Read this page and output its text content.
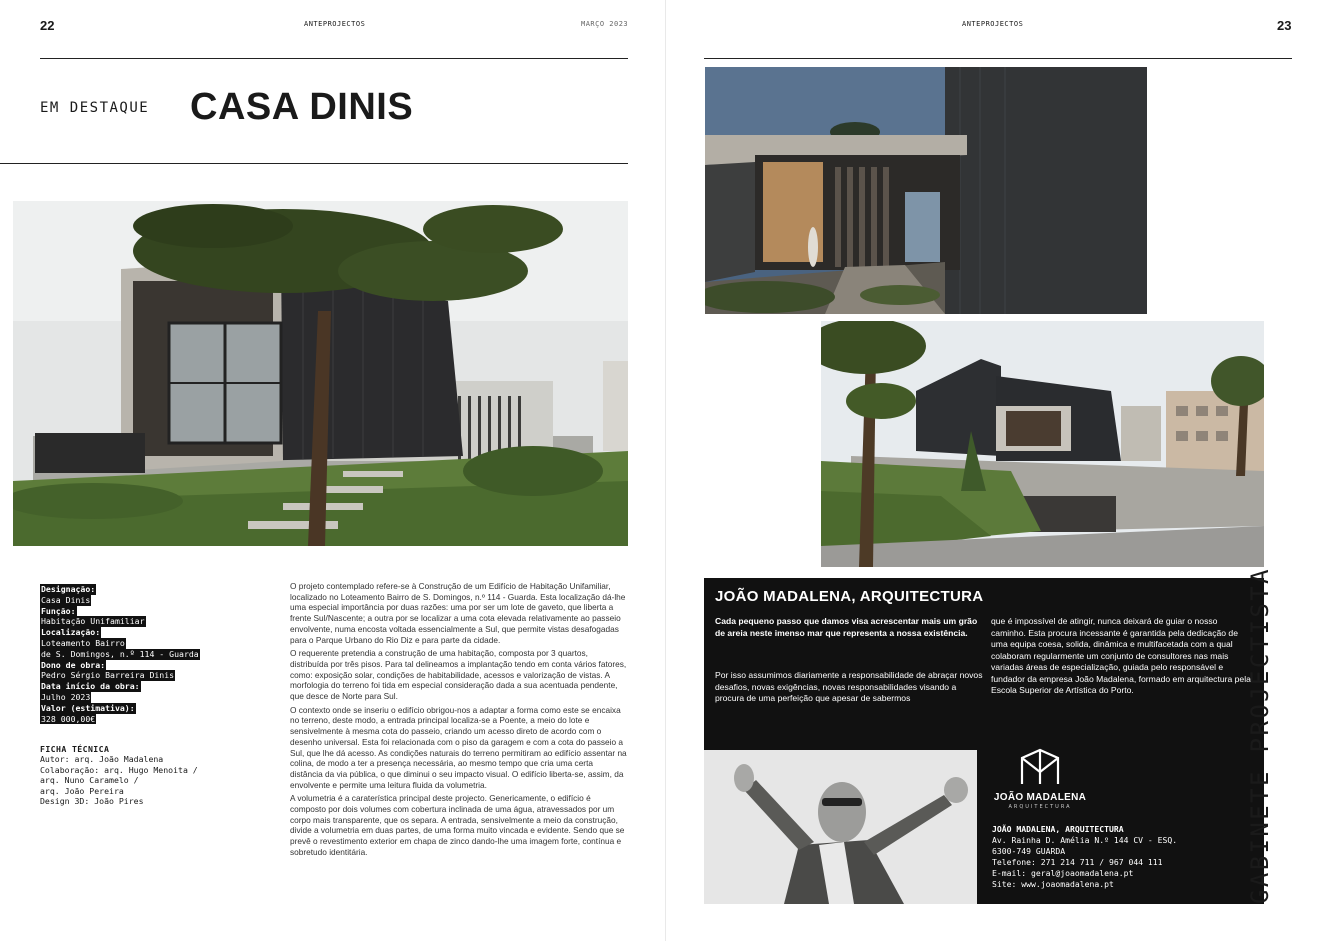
22	ANTEPROJECTOS	MARÇO 2023
EM DESTAQUE CASA DINIS
Designação:
Casa Dinis
Função:
Habitação Unifamiliar
Localização:
Loteamento Bairro
de S. Domingos, n.º 114 - Guarda
Dono de obra:
Pedro Sérgio Barreira Dinis
Data início da obra:
Julho 2023
Valor (estimativa):
328 000,00€
FICHA TÉCNICA
Autor: arq. João Madalena
Colaboração: arq. Hugo Menoita /
arq. Nuno Caramelo /
arq. João Pereira
Design 3D: João Pires

O projeto contemplado refere-se à Construção de um Edifício de Habitação Unifamiliar, localizado no Loteamento Bairro de S. Domingos, n.º 114 - Guarda. Esta localização dá-lhe uma especial importância por duas razões: uma por ser um lote de gaveto, que liberta a frente Sul/Nascente; a outra por se localizar a uma cota elevada relativamente ao passeio envolvente, numa encosta voltada essencialmente a Sul, que permite vistas desafogadas para o Parque Urbano do Rio Diz e para parte da cidade.

O requerente pretendia a construção de uma habitação, composta por 3 quartos, distribuída por três pisos. Para tal delineamos a implantação tendo em conta vários fatores, como: exposição solar, condições de habitabilidade, acessos e valorização de vistas. A morfologia do terreno foi tida em especial consideração dada a sua acentuada pendente, que desce de Norte para Sul.

O contexto onde se inseriu o edifício obrigou-nos a adaptar a forma como este se encaixa no terreno, deste modo, a entrada principal localiza-se a Poente, a meio do lote e sensivelmente à mesma cota do passeio, criando um acesso direto de acordo com o desenho universal. Esta foi relacionada com o piso da garagem e com a cota do passeio a Sul, que lhe dá acesso. As condições naturais do terreno permitiram ao edifício assentar na colina, de modo a ter a presença necessária, ao mesmo tempo que cria uma certa distância da via pública, o que diminui o seu impacto visual. O edifício liberta-se, assim, da envolvente e permite uma leitura fluida da volumetria.

A volumetria é a caraterística principal deste projecto. Genericamente, o edifício é composto por dois volumes com cobertura inclinada de uma água, atravessados por um corpo mais transparente, que os separa. A entrada, sensivelmente a meio da construção, divide a volumetria em duas partes, de uma forma muito vincada e evidente. Sendo que se prevê o revestimento exterior em chapa de zinco dando-lhe uma imagem forte, contínua e sobretudo identitária.

ANTEPROJECTOS	23
JOÃO MADALENA, ARQUITECTURA
Cada pequeno passo que damos visa acrescentar mais um grão de areia neste imenso mar que representa a nossa existência.
Por isso assumimos diariamente a responsabilidade de abraçar novos desafios, novas exigências, novas responsabilidades visando a procura de uma perfeição que apesar de sabermos
que é impossível de atingir, nunca deixará de guiar o nosso caminho. Esta procura incessante é garantida pela dedicação de uma equipa coesa, solida, dinâmica e multifacetada com a qual colaboram regularmente um conjunto de consultores nas mais variadas áreas de especialização, guiada pelo responsável e fundador da empresa João Madalena, formado em arquitectura pela Escola Superior de Artística do Porto.
JOÃO MADALENA
ARQUITECTURA
JOÃO MADALENA, ARQUITECTURA
Av. Rainha D. Amélia N.º 144 CV - ESQ.
6300-749 GUARDA
Telefone: 271 214 711 / 967 044 111
E-mail: geral@joaomadalena.pt
Site: www.joaomadalena.pt	GABINETE PROJECTISTA
